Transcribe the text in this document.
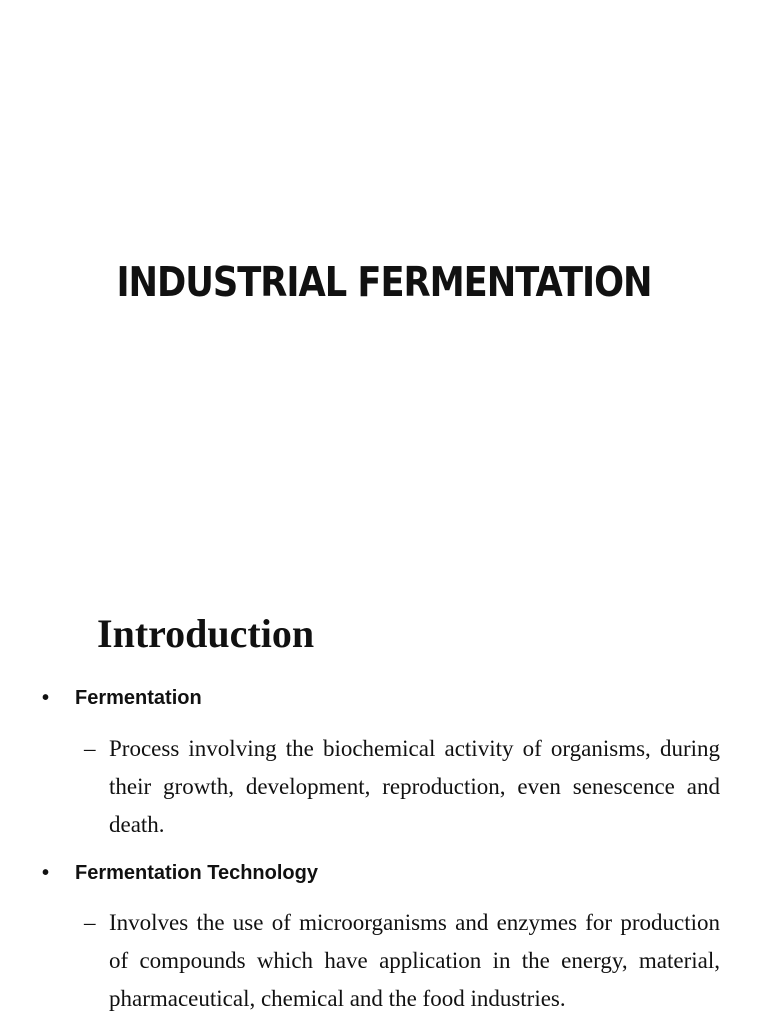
INDUSTRIAL FERMENTATION
Introduction
• Fermentation
– Process involving the biochemical activity of organisms, during their growth, development, reproduction, even senescence and death.
• Fermentation Technology
– Involves the use of microorganisms and enzymes for production of compounds which have application in the energy, material, pharmaceutical, chemical and the food industries.
